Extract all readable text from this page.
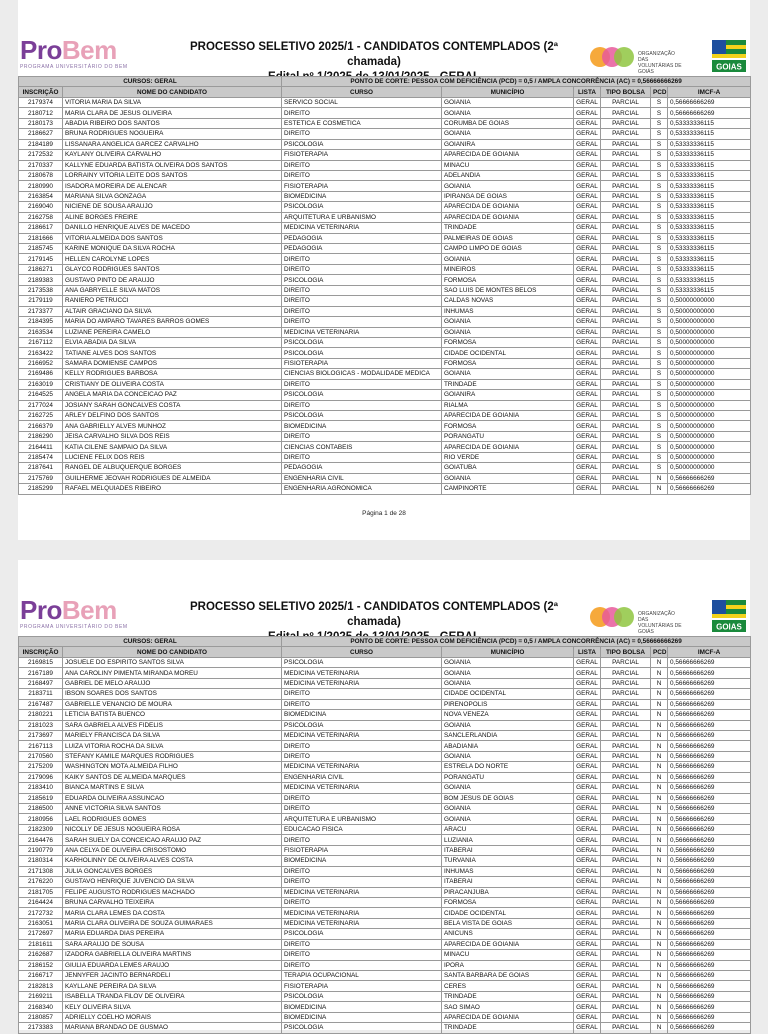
ProBem
PROGRAMA UNIVERSITÁRIO DO BEM
PROCESSO SELETIVO 2025/1 - CANDIDATOS CONTEMPLADOS (2ª chamada)
ORGANIZAÇÃO DAS VOLUNTÁRIAS DE GOIÁS
GOIAS
CURSOS: GERAL		PONTO DE CORTE: PESSOA COM DEFICIÊNCIA (PCD) = 0,5 / AMPLA CONCORRÊNCIA (AC) = 0,56666666269					
INSCRIÇÃO	NOME DO CANDIDATO	CURSO	MUNICÍPIO	LISTA	TIPO BOLSA	PCD	IMCF-A
2179374	VITORIA MARIA DA SILVA	SERVICO SOCIAL	GOIANIA	GERAL	PARCIAL	S	0,56666666269
2180712	MARIA CLARA DE JESUS OLIVEIRA	DIREITO	GOIANIA	GERAL	PARCIAL	S	0,56666666269
2180173	ABADIA RIBEIRO DOS SANTOS	ESTETICA E COSMETICA	CORUMBA DE GOIAS	GERAL	PARCIAL	S	0,53333336115
2186627	BRUNA RODRIGUES NOGUEIRA	DIREITO	GOIANIA	GERAL	PARCIAL	S	0,53333336115
2184189	LISSANARA ANGELICA GARCEZ CARVALHO	PSICOLOGIA	GOIANIRA	GERAL	PARCIAL	S	0,53333336115
2172532	KAYLANY OLIVEIRA CARVALHO	FISIOTERAPIA	APARECIDA DE GOIANIA	GERAL	PARCIAL	S	0,53333336115
2170337	KALLYNE EDUARDA BATISTA OLIVEIRA DOS SANTOS	DIREITO	MINACU	GERAL	PARCIAL	S	0,53333336115
2180678	LORRAINY VITORIA LEITE DOS SANTOS	DIREITO	ADELANDIA	GERAL	PARCIAL	S	0,53333336115
2180990	ISADORA MOREIRA DE ALENCAR	FISIOTERAPIA	GOIANIA	GERAL	PARCIAL	S	0,53333336115
2163854	MARIANA SILVA GONZAGA	BIOMEDICINA	IPIRANGA DE GOIAS	GERAL	PARCIAL	S	0,53333336115
2169040	NICIENE DE SOUSA ARAUJO	PSICOLOGIA	APARECIDA DE GOIANIA	GERAL	PARCIAL	S	0,53333336115
2162758	ALINE BORGES FREIRE	ARQUITETURA E URBANISMO	APARECIDA DE GOIANIA	GERAL	PARCIAL	S	0,53333336115
2186617	DANILLO HENRIQUE ALVES DE MACEDO	MEDICINA VETERINARIA	TRINDADE	GERAL	PARCIAL	S	0,53333336115
2181666	VITORIA ALMEIDA DOS SANTOS	PEDAGOGIA	PALMEIRAS DE GOIAS	GERAL	PARCIAL	S	0,53333336115
2185745	KARINE MONIQUE DA SILVA ROCHA	PEDAGOGIA	CAMPO LIMPO DE GOIAS	GERAL	PARCIAL	S	0,53333336115
2179145	HELLEN CAROLYNE LOPES	DIREITO	GOIANIA	GERAL	PARCIAL	S	0,53333336115
2186271	GLAYCO RODRIGUES SANTOS	DIREITO	MINEIROS	GERAL	PARCIAL	S	0,53333336115
2189383	GUSTAVO PINTO DE ARAUJO	PSICOLOGIA	FORMOSA	GERAL	PARCIAL	S	0,53333336115
2173538	ANA GABRYELLE SILVA MATOS	DIREITO	SAO LUIS DE MONTES BELOS	GERAL	PARCIAL	S	0,53333336115
2179119	RANIERO PETRUCCI	DIREITO	CALDAS NOVAS	GERAL	PARCIAL	S	0,50000000000
2173377	ALTAIR GRACIANO DA SILVA	DIREITO	INHUMAS	GERAL	PARCIAL	S	0,50000000000
2184395	MARIA DO AMPARO TAVARES BARROS GOMES	DIREITO	GOIANIA	GERAL	PARCIAL	S	0,50000000000
2163534	LUZIANE PEREIRA CAMELO	MEDICINA VETERINARIA	GOIANIA	GERAL	PARCIAL	S	0,50000000000
2167112	ELVIA ABADIA DA SILVA	PSICOLOGIA	FORMOSA	GERAL	PARCIAL	S	0,50000000000
2163422	TATIANE ALVES DOS SANTOS	PSICOLOGIA	CIDADE OCIDENTAL	GERAL	PARCIAL	S	0,50000000000
2166952	SAMARA DOMIENSE CAMPOS	FISIOTERAPIA	FORMOSA	GERAL	PARCIAL	S	0,50000000000
2169486	KELLY RODRIGUES BARBOSA	CIENCIAS BIOLOGICAS - MODALIDADE MEDICA	GOIANIA	GERAL	PARCIAL	S	0,50000000000
2163019	CRISTIANY DE OLIVEIRA COSTA	DIREITO	TRINDADE	GERAL	PARCIAL	S	0,50000000000
2164525	ANGELA MARIA DA CONCEICAO PAZ	PSICOLOGIA	GOIANIRA	GERAL	PARCIAL	S	0,50000000000
2177024	JOSIANY SARAH GONCALVES COSTA	DIREITO	RIALMA	GERAL	PARCIAL	S	0,50000000000
2162725	ARLEY DELFINO DOS SANTOS	PSICOLOGIA	APARECIDA DE GOIANIA	GERAL	PARCIAL	S	0,50000000000
2166379	ANA GABRIELLY ALVES MUNHOZ	BIOMEDICINA	FORMOSA	GERAL	PARCIAL	S	0,50000000000
2186290	JEISA CARVALHO SILVA DOS REIS	DIREITO	PORANGATU	GERAL	PARCIAL	S	0,50000000000
2164411	KATIA CILENE SAMPAIO DA SILVA	CIENCIAS CONTABEIS	APARECIDA DE GOIANIA	GERAL	PARCIAL	S	0,50000000000
2185474	LUCIENE FELIX DOS REIS	DIREITO	RIO VERDE	GERAL	PARCIAL	S	0,50000000000
2187641	RANGEL DE ALBUQUERQUE BORGES	PEDAGOGIA	GOIATUBA	GERAL	PARCIAL	S	0,50000000000
2175769	GUILHERME JEOVAH RODRIGUES DE ALMEIDA	ENGENHARIA CIVIL	GOIANIA	GERAL	PARCIAL	N	0,56666666269
2185299	RAFAEL MELQUIADES RIBEIRO	ENGENHARIA AGRONOMICA	CAMPINORTE	GERAL	PARCIAL	N	0,56666666269
Página 1 de 28
ProBem
PROGRAMA UNIVERSITÁRIO DO BEM
PROCESSO SELETIVO 2025/1 - CANDIDATOS CONTEMPLADOS (2ª chamada)
ORGANIZAÇÃO DAS VOLUNTÁRIAS DE GOIÁS
GOIAS
CURSOS: GERAL		PONTO DE CORTE: PESSOA COM DEFICIÊNCIA (PCD) = 0,5 / AMPLA CONCORRÊNCIA (AC) = 0,56666666269					
INSCRIÇÃO	NOME DO CANDIDATO	CURSO	MUNICÍPIO	LISTA	TIPO BOLSA	PCD	IMCF-A
2169815	JOSUELE DO ESPIRITO SANTOS SILVA	PSICOLOGIA	GOIANIA	GERAL	PARCIAL	N	0,56666666269
2167189	ANA CAROLINY PIMENTA MIRANDA MOREU	MEDICINA VETERINARIA	GOIANIA	GERAL	PARCIAL	N	0,56666666269
2168497	GABRIEL DE MELO ARAUJO	MEDICINA VETERINARIA	GOIANIA	GERAL	PARCIAL	N	0,56666666269
2183711	IBSON SOARES DOS SANTOS	DIREITO	CIDADE OCIDENTAL	GERAL	PARCIAL	N	0,56666666269
2167487	GABRIELLE VENANCIO DE MOURA	DIREITO	PIRENOPOLIS	GERAL	PARCIAL	N	0,56666666269
2180221	LETICIA BATISTA BUENCO	BIOMEDICINA	NOVA VENEZA	GERAL	PARCIAL	N	0,56666666269
2181023	SARA GABRIELA ALVES FIDELIS	PSICOLOGIA	GOIANIA	GERAL	PARCIAL	N	0,56666666269
2173697	MARIELY FRANCISCA DA SILVA	MEDICINA VETERINARIA	SANCLERLANDIA	GERAL	PARCIAL	N	0,56666666269
2167113	LUIZA VITORIA ROCHA DA SILVA	DIREITO	ABADIANIA	GERAL	PARCIAL	N	0,56666666269
2170560	STEFANY KAMILE MARQUES RODRIGUES	DIREITO	GOIANIA	GERAL	PARCIAL	N	0,56666666269
2175209	WASHINGTON MOTA ALMEIDA FILHO	MEDICINA VETERINARIA	ESTRELA DO NORTE	GERAL	PARCIAL	N	0,56666666269
2179096	KAIKY SANTOS DE ALMEIDA MARQUES	ENGENHARIA CIVIL	PORANGATU	GERAL	PARCIAL	N	0,56666666269
2183410	BIANCA MARTINS E SILVA	MEDICINA VETERINARIA	GOIANIA	GERAL	PARCIAL	N	0,56666666269
2185619	EDUARDA OLIVEIRA ASSUNCAO	DIREITO	BOM JESUS DE GOIAS	GERAL	PARCIAL	N	0,56666666269
2186500	ANNE VICTORIA SILVA SANTOS	DIREITO	GOIANIA	GERAL	PARCIAL	N	0,56666666269
2180956	LAEL RODRIGUES GOMES	ARQUITETURA E URBANISMO	GOIANIA	GERAL	PARCIAL	N	0,56666666269
2182309	NICOLLY DE JESUS NOGUEIRA ROSA	EDUCACAO FISICA	ARACU	GERAL	PARCIAL	N	0,56666666269
2164476	SARAH SUELY DA CONCEICAO ARAUJO PAZ	DIREITO	LUZIANIA	GERAL	PARCIAL	N	0,56666666269
2190779	ANA CELYA DE OLIVEIRA CRISOSTOMO	FISIOTERAPIA	ITABERAI	GERAL	PARCIAL	N	0,56666666269
2180314	KARHOLINNY DE OLIVEIRA ALVES COSTA	BIOMEDICINA	TURVANIA	GERAL	PARCIAL	N	0,56666666269
2171308	JULIA GONCALVES BORGES	DIREITO	INHUMAS	GERAL	PARCIAL	N	0,56666666269
2176220	GUSTAVO HENRIQUE JUVENCIO DA SILVA	DIREITO	ITABERAI	GERAL	PARCIAL	N	0,56666666269
2181705	FELIPE AUGUSTO RODRIGUES MACHADO	MEDICINA VETERINARIA	PIRACANJUBA	GERAL	PARCIAL	N	0,56666666269
2164424	BRUNA CARVALHO TEIXEIRA	DIREITO	FORMOSA	GERAL	PARCIAL	N	0,56666666269
2172732	MARIA CLARA LEMES DA COSTA	MEDICINA VETERINARIA	CIDADE OCIDENTAL	GERAL	PARCIAL	N	0,56666666269
2163051	MARIA CLARA OLIVEIRA DE SOUZA GUIMARAES	MEDICINA VETERINARIA	BELA VISTA DE GOIAS	GERAL	PARCIAL	N	0,56666666269
2172697	MARIA EDUARDA DIAS PEREIRA	PSICOLOGIA	ANICUNS	GERAL	PARCIAL	N	0,56666666269
2181611	SARA ARAUJO DE SOUSA	DIREITO	APARECIDA DE GOIANIA	GERAL	PARCIAL	N	0,56666666269
2162687	IZADORA GABRIELLA OLIVEIRA MARTINS	DIREITO	MINACU	GERAL	PARCIAL	N	0,56666666269
2186152	GIULIA EDUARDA LEMES ARAUJO	DIREITO	IPORA	GERAL	PARCIAL	N	0,56666666269
2166717	JENNYFER JACINTO BERNARDELI	TERAPIA OCUPACIONAL	SANTA BARBARA DE GOIAS	GERAL	PARCIAL	N	0,56666666269
2182813	KAYLLANE PEREIRA DA SILVA	FISIOTERAPIA	CERES	GERAL	PARCIAL	N	0,56666666269
2169211	ISABELLA TRANDA FILOV DE OLIVEIRA	PSICOLOGIA	TRINDADE	GERAL	PARCIAL	N	0,56666666269
2168340	KELY OLIVEIRA SILVA	BIOMEDICINA	SAO SIMAO	GERAL	PARCIAL	N	0,56666666269
2180857	ADRIELLY COELHO MORAIS	BIOMEDICINA	APARECIDA DE GOIANIA	GERAL	PARCIAL	N	0,56666666269
2173383	MARIANA BRANDAO DE GUSMAO	PSICOLOGIA	TRINDADE	GERAL	PARCIAL	N	0,56666666269
